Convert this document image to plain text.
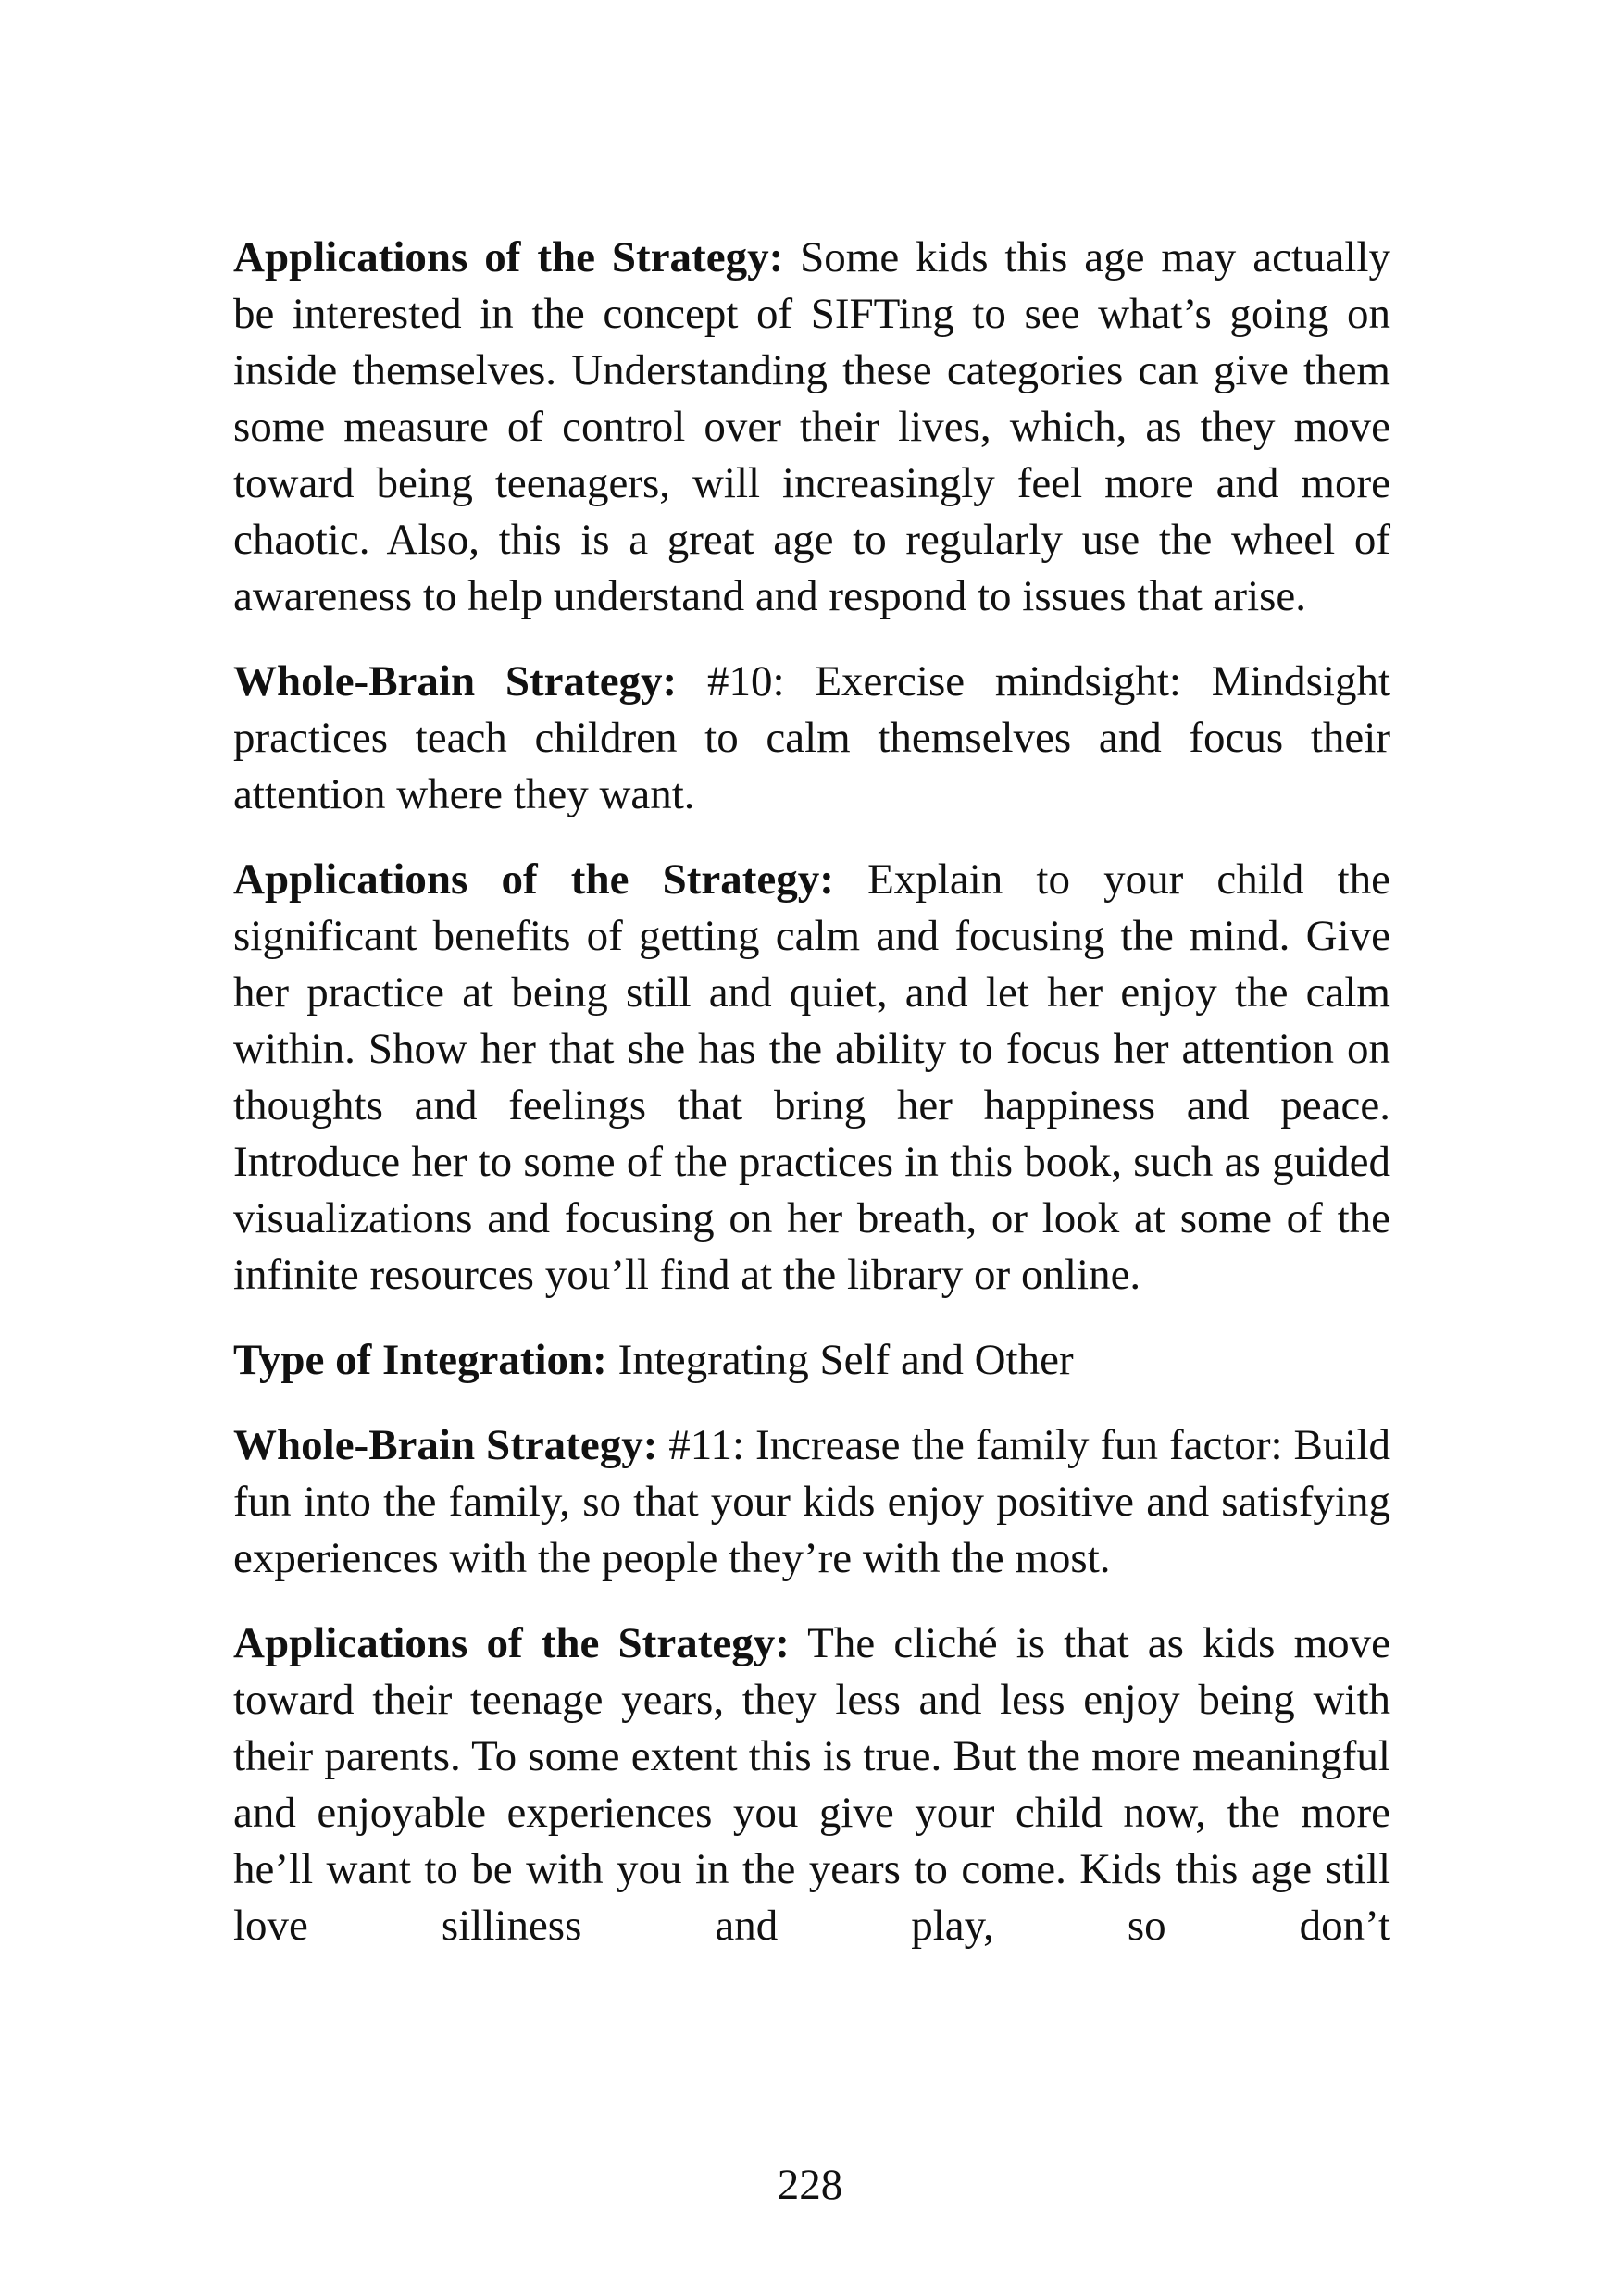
Applications of the Strategy: Some kids this age may actually be interested in the concept of SIFTing to see what’s going on inside themselves. Understanding these categories can give them some measure of control over their lives, which, as they move toward being teenagers, will increasingly feel more and more chaotic. Also, this is a great age to regularly use the wheel of awareness to help understand and respond to issues that arise.

Whole-Brain Strategy: #10: Exercise mindsight: Mindsight practices teach children to calm themselves and focus their attention where they want.

Applications of the Strategy: Explain to your child the significant benefits of getting calm and focusing the mind. Give her practice at being still and quiet, and let her enjoy the calm within. Show her that she has the ability to focus her attention on thoughts and feelings that bring her happiness and peace. Introduce her to some of the practices in this book, such as guided visualizations and focusing on her breath, or look at some of the infinite resources you’ll find at the library or online.

Type of Integration: Integrating Self and Other

Whole-Brain Strategy: #11: Increase the family fun factor: Build fun into the family, so that your kids enjoy positive and satisfying experiences with the people they’re with the most.

Applications of the Strategy: The cliché is that as kids move toward their teenage years, they less and less enjoy being with their parents. To some extent this is true. But the more meaningful and enjoyable experiences you give your child now, the more he’ll want to be with you in the years to come. Kids this age still love silliness and play, so don’t

228
